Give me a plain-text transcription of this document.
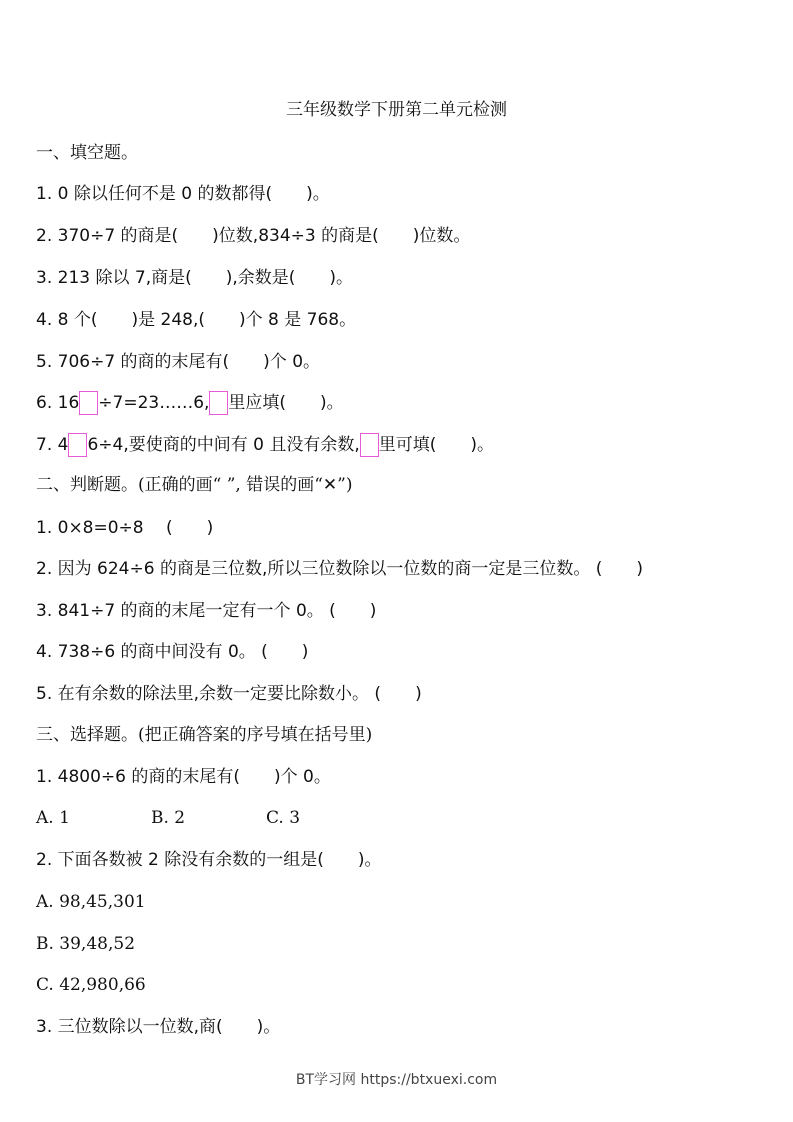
三年级数学下册第二单元检测
一、填空题。
1. 0 除以任何不是 0 的数都得(　　)。
2. 370÷7 的商是(　　)位数,834÷3 的商是(　　)位数。
3. 213 除以 7,商是(　　),余数是(　　)。
4. 8 个(　　)是 248,(　　)个 8 是 768。
5. 706÷7 的商的末尾有(　　)个 0。
6. 16 ÷7=23……6, 里应填(　　)。
7. 4 6÷4,要使商的中间有 0 且没有余数, 里可填(　　)。
二、判断题。(正确的画“ ”, 错误的画“✕”)
1. 0×8=0÷8　 (　　)
2. 因为 624÷6 的商是三位数,所以三位数除以一位数的商一定是三位数。 (　　)
3. 841÷7 的商的末尾一定有一个 0。 (　　)
4. 738÷6 的商中间没有 0。 (　　)
5. 在有余数的除法里,余数一定要比除数小。 (　　)
三、选择题。(把正确答案的序号填在括号里)
1. 4800÷6 的商的末尾有(　　)个 0。
A. 1	B. 2	C. 3
2. 下面各数被 2 除没有余数的一组是(　　)。
A. 98,45,301
B. 39,48,52
C. 42,980,66
3. 三位数除以一位数,商(　　)。
BT学习网 https://btxuexi.com
